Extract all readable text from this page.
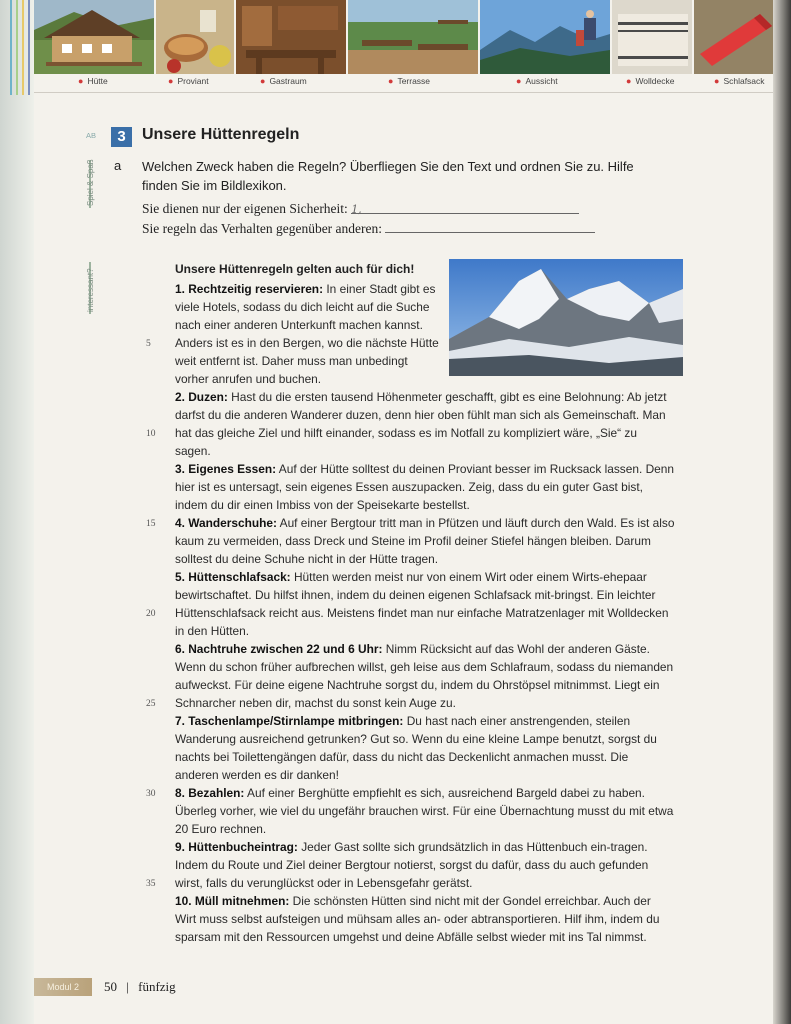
● Hütte	● Proviant	● Gastraum	● Terrasse	● Aussicht	● Wolldecke	● Schlafsack
AB	3	Unsere Hüttenregeln
Spiel & Spaß
interessant?
a Welchen Zweck haben die Regeln? Überfliegen Sie den Text und ordnen Sie zu. Hilfe finden Sie im Bildlexikon.
Sie dienen nur der eigenen Sicherheit: 1,
Sie regeln das Verhalten gegenüber anderen:
Unsere Hüttenregeln gelten auch für dich!
1. Rechtzeitig reservieren: In einer Stadt gibt es viele Hotels, sodass du dich leicht auf die Suche nach einer anderen Unterkunft machen kannst. Anders ist es in den Bergen, wo die nächste Hütte weit entfernt ist. Daher muss man unbedingt vorher anrufen und buchen.
2. Duzen: Hast du die ersten tausend Höhenmeter geschafft, gibt es eine Belohnung: Ab jetzt darfst du die anderen Wanderer duzen, denn hier oben fühlt man sich als Gemeinschaft. Man hat das gleiche Ziel und hilft einander, sodass es im Notfall zu kompliziert wäre, „Sie“ zu sagen.
3. Eigenes Essen: Auf der Hütte solltest du deinen Proviant besser im Rucksack lassen. Denn hier ist es untersagt, sein eigenes Essen auszupacken. Zeig, dass du ein guter Gast bist, indem du dir einen Imbiss von der Speisekarte bestellst.
4. Wanderschuhe: Auf einer Bergtour tritt man in Pfützen und läuft durch den Wald. Es ist also kaum zu vermeiden, dass Dreck und Steine im Profil deiner Stiefel hängen bleiben. Darum solltest du deine Schuhe nicht in der Hütte tragen.
5. Hüttenschlafsack: Hütten werden meist nur von einem Wirt oder einem Wirts-ehepaar bewirtschaftet. Du hilfst ihnen, indem du deinen eigenen Schlafsack mit-bringst. Ein leichter Hüttenschlafsack reicht aus. Meistens findet man nur einfache Matratzenlager mit Wolldecken in den Hütten.
6. Nachtruhe zwischen 22 und 6 Uhr: Nimm Rücksicht auf das Wohl der anderen Gäste. Wenn du schon früher aufbrechen willst, geh leise aus dem Schlafraum, sodass du niemanden aufweckst. Für deine eigene Nachtruhe sorgst du, indem du Ohrstöpsel mitnimmst. Liegt ein Schnarcher neben dir, machst du sonst kein Auge zu.
7. Taschenlampe/Stirnlampe mitbringen: Du hast nach einer anstrengenden, steilen Wanderung ausreichend getrunken? Gut so. Wenn du eine kleine Lampe benutzt, sorgst du nachts bei Toilettengängen dafür, dass du nicht das Deckenlicht anmachen musst. Die anderen werden es dir danken!
8. Bezahlen: Auf einer Berghütte empfiehlt es sich, ausreichend Bargeld dabei zu haben. Überleg vorher, wie viel du ungefähr brauchen wirst. Für eine Übernachtung musst du mit etwa 20 Euro rechnen.
9. Hüttenbucheintrag: Jeder Gast sollte sich grundsätzlich in das Hüttenbuch ein-tragen. Indem du Route und Ziel deiner Bergtour notierst, sorgst du dafür, dass du auch gefunden wirst, falls du verunglückst oder in Lebensgefahr gerätst.
10. Müll mitnehmen: Die schönsten Hütten sind nicht mit der Gondel erreichbar. Auch der Wirt muss selbst aufsteigen und mühsam alles an- oder abtransportieren. Hilf ihm, indem du sparsam mit den Ressourcen umgehst und deine Abfälle selbst wieder mit ins Tal nimmst.
5
10
15
20
25
30
35
Modul 2	50 | fünfzig
